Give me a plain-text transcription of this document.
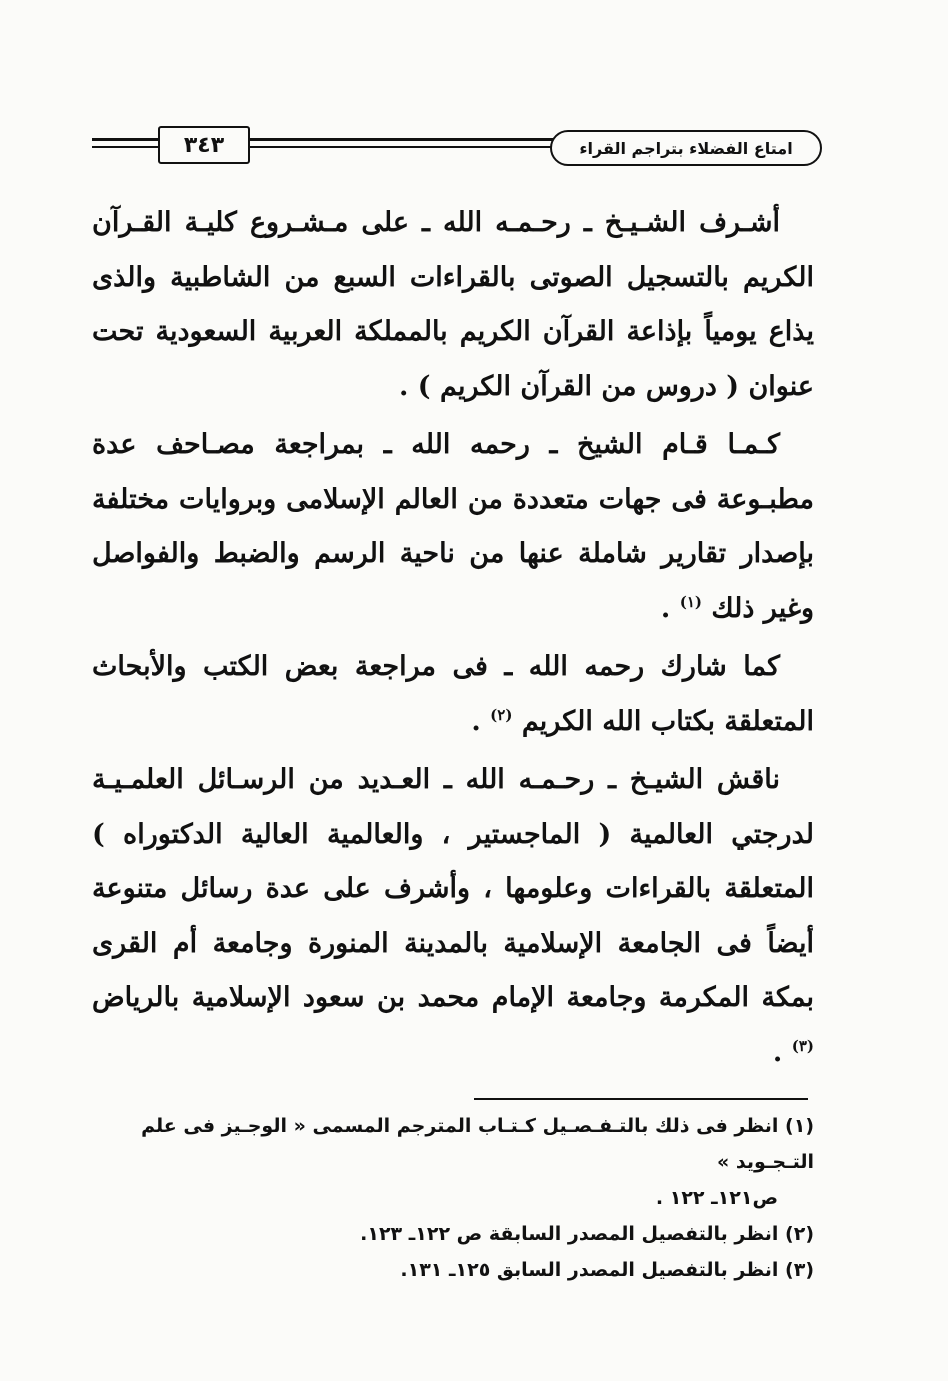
٣٤٣	امتاع الفضلاء بتراجم القراء

أشـرف الشـيـخ ـ رحـمـه الله ـ على مـشـروع كليـة القـرآن الكريم بالتسجيل الصوتى بالقراءات السبع من الشاطبية والذى يذاع يومياً بإذاعة القرآن الكريم بالمملكة العربية السعودية تحت عنوان ( دروس من القرآن الكريم ) .

كـمـا قـام الشيخ ـ رحمه الله ـ بمراجعة مصـاحف عدة مطبـوعة فى جهات متعددة من العالم الإسلامى وبروايات مختلفة بإصدار تقارير شاملة عنها من ناحية الرسم والضبط والفواصل وغير ذلك $^{(١)}$ .

كما شارك رحمه الله ـ فى مراجعة بعض الكتب والأبحاث المتعلقة بكتاب الله الكريم $^{(٢)}$ .

ناقش الشيـخ ـ رحـمـه الله ـ العـديد من الرسـائل العلمـيـة لدرجتي العالمية ( الماجستير ، والعالمية العالية الدكتوراه ) المتعلقة بالقراءات وعلومها ، وأشرف على عدة رسائل متنوعة أيضاً فى الجامعة الإسلامية بالمدينة المنورة وجامعة أم القرى بمكة المكرمة وجامعة الإمام محمد بن سعود الإسلامية بالرياض $^{(٣)}$ .

(١) انظر فى ذلك بالتـفـصـيل كـتـاب المترجم المسمى « الوجـيز فى علم التـجـويد »

ص١٢١ـ ١٢٢ .

(٢) انظر بالتفصيل المصدر السابقة ص ١٢٢ـ ١٢٣.

(٣) انظر بالتفصيل المصدر السابق ١٢٥ـ ١٣١.
